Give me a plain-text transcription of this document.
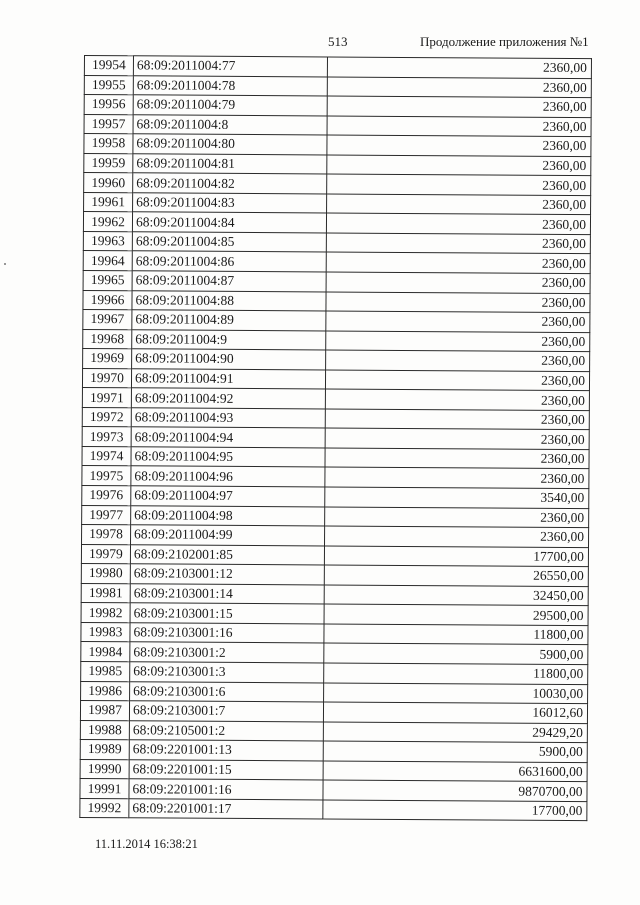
513	Продолжение приложения №1
19954	68:09:2011004:77	2360,00
19955	68:09:2011004:78	2360,00
19956	68:09:2011004:79	2360,00
19957	68:09:2011004:8	2360,00
19958	68:09:2011004:80	2360,00
19959	68:09:2011004:81	2360,00
19960	68:09:2011004:82	2360,00
19961	68:09:2011004:83	2360,00
19962	68:09:2011004:84	2360,00
19963	68:09:2011004:85	2360,00
19964	68:09:2011004:86	2360,00
19965	68:09:2011004:87	2360,00
19966	68:09:2011004:88	2360,00
19967	68:09:2011004:89	2360,00
19968	68:09:2011004:9	2360,00
19969	68:09:2011004:90	2360,00
19970	68:09:2011004:91	2360,00
19971	68:09:2011004:92	2360,00
19972	68:09:2011004:93	2360,00
19973	68:09:2011004:94	2360,00
19974	68:09:2011004:95	2360,00
19975	68:09:2011004:96	2360,00
19976	68:09:2011004:97	3540,00
19977	68:09:2011004:98	2360,00
19978	68:09:2011004:99	2360,00
19979	68:09:2102001:85	17700,00
19980	68:09:2103001:12	26550,00
19981	68:09:2103001:14	32450,00
19982	68:09:2103001:15	29500,00
19983	68:09:2103001:16	11800,00
19984	68:09:2103001:2	5900,00
19985	68:09:2103001:3	11800,00
19986	68:09:2103001:6	10030,00
19987	68:09:2103001:7	16012,60
19988	68:09:2105001:2	29429,20
19989	68:09:2201001:13	5900,00
19990	68:09:2201001:15	6631600,00
19991	68:09:2201001:16	9870700,00
19992	68:09:2201001:17	17700,00
11.11.2014 16:38:21
